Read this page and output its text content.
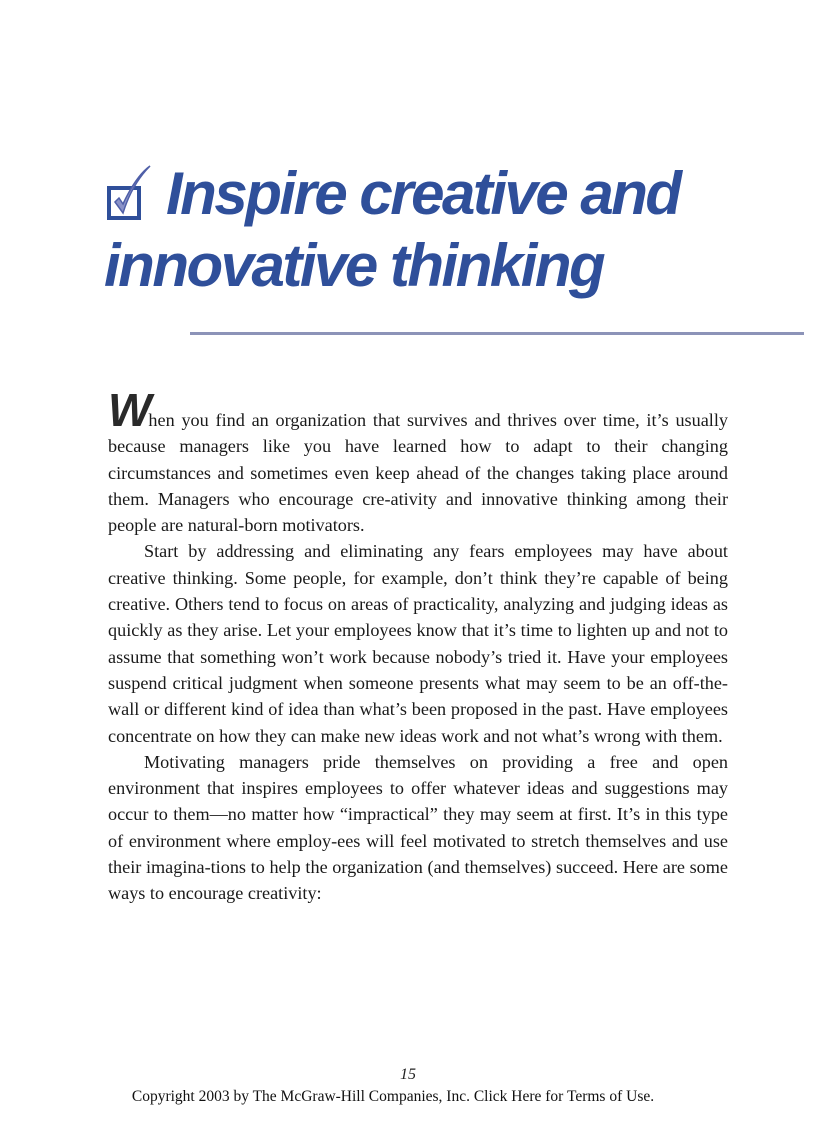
Motivating Creativity
Inspire creative and
innovative thinking

When you find an organization that survives and thrives over time, it’s usually because managers like you have learned how to adapt to their changing circumstances and sometimes even keep ahead of the changes taking place around them. Managers who encourage cre-ativity and innovative thinking among their people are natural-born motivators.

Start by addressing and eliminating any fears employees may have about creative thinking. Some people, for example, don’t think they’re capable of being creative. Others tend to focus on areas of practicality, analyzing and judging ideas as quickly as they arise. Let your employees know that it’s time to lighten up and not to assume that something won’t work because nobody’s tried it. Have your employees suspend critical judgment when someone presents what may seem to be an off-the-wall or different kind of idea than what’s been proposed in the past. Have employees concentrate on how they can make new ideas work and not what’s wrong with them.

Motivating managers pride themselves on providing a free and open environment that inspires employees to offer whatever ideas and suggestions may occur to them—no matter how “impractical” they may seem at first. It’s in this type of environment where employ-ees will feel motivated to stretch themselves and use their imagina-tions to help the organization (and themselves) succeed. Here are some ways to encourage creativity:

15
Copyright 2003 by The McGraw-Hill Companies, Inc. Click Here for Terms of Use.
